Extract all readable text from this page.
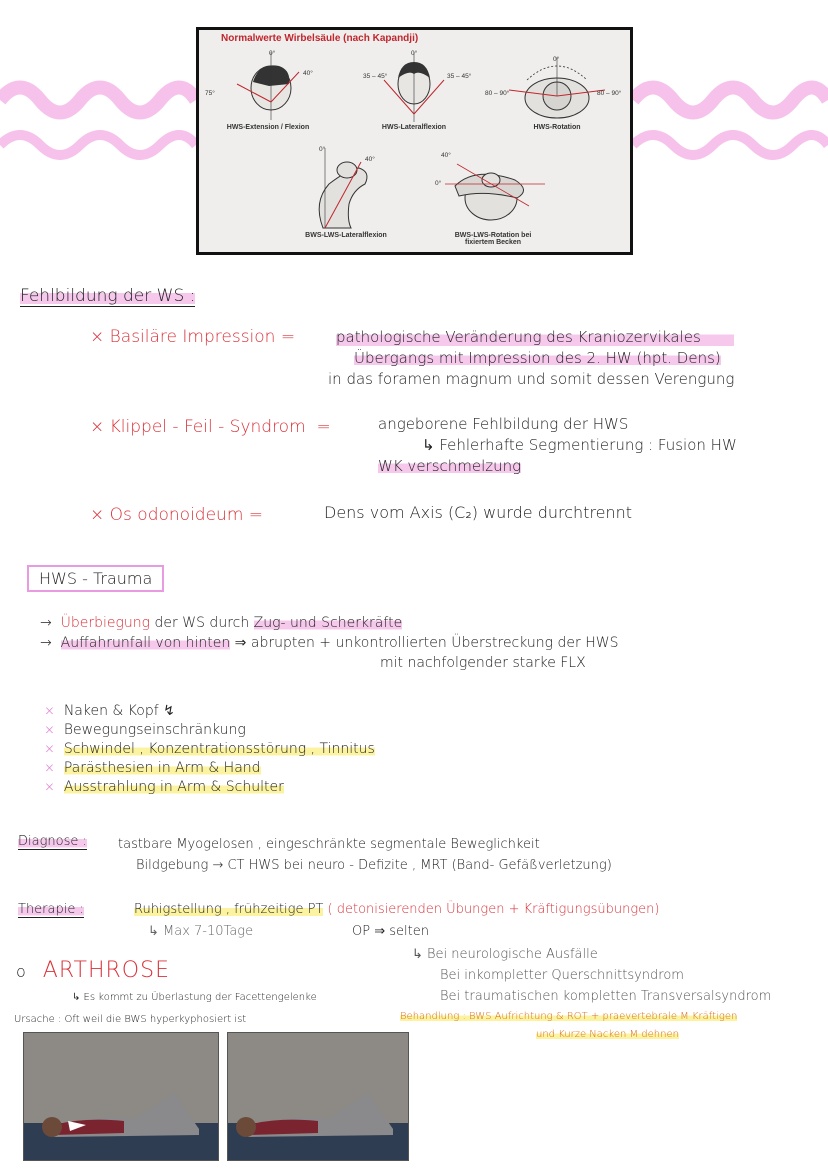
Normalwerte Wirbelsäule (nach Kapandji)
0°
40°
75°
HWS-Extension / Flexion
0°
35 – 45°	35 – 45°
HWS-Lateralflexion
0°
80 – 90°	80 – 90°
HWS-Rotation
0°
40°
BWS-LWS-Lateralflexion
40°
0°
BWS-LWS-Rotation bei fixiertem Becken
Fehlbildung der WS :
× Basiläre Impression =	pathologische Veränderung des Kraniozervikales
Übergangs mit Impression des 2. HW (hpt. Dens)
in das foramen magnum und somit dessen Verengung
× Klippel - Feil - Syndrom =	angeborene Fehlbildung der HWS
↳ Fehlerhafte Segmentierung : Fusion HW
WK verschmelzung
× Os odonoideum =	Dens vom Axis (C₂) wurde durchtrennt
HWS - Trauma
→  Überbiegung der WS durch Zug- und Scherkräfte
→  Auffahrunfall von hinten ⇒ abrupten + unkontrollierten Überstreckung der HWS
mit nachfolgender starke FLX
× Naken & Kopf ↯
× Bewegungseinschränkung
× Schwindel , Konzentrationsstörung , Tinnitus
× Parästhesien in Arm & Hand
× Ausstrahlung in Arm & Schulter
Diagnose : tastbare Myogelosen , eingeschränkte segmentale Beweglichkeit
Bildgebung → CT HWS bei neuro - Defizite , MRT (Band- Gefäßverletzung)
Therapie :	Ruhigstellung , frühzeitige PT ( detonisierenden Übungen + Kräftigungsübungen)
↳ Max 7-10Tage	OP ⇒ selten
↳ Bei neurologische Ausfälle
Bei inkompletter Querschnittsyndrom
Bei traumatischen kompletten Transversalsyndrom
o ARTHROSE
↳ Es kommt zu Überlastung der Facettengelenke
Ursache : Oft weil die BWS hyperkyphosiert ist	Behandlung : BWS Aufrichtung & ROT + praevertebrale M Kräftigen
und Kurze Nacken M dehnen
